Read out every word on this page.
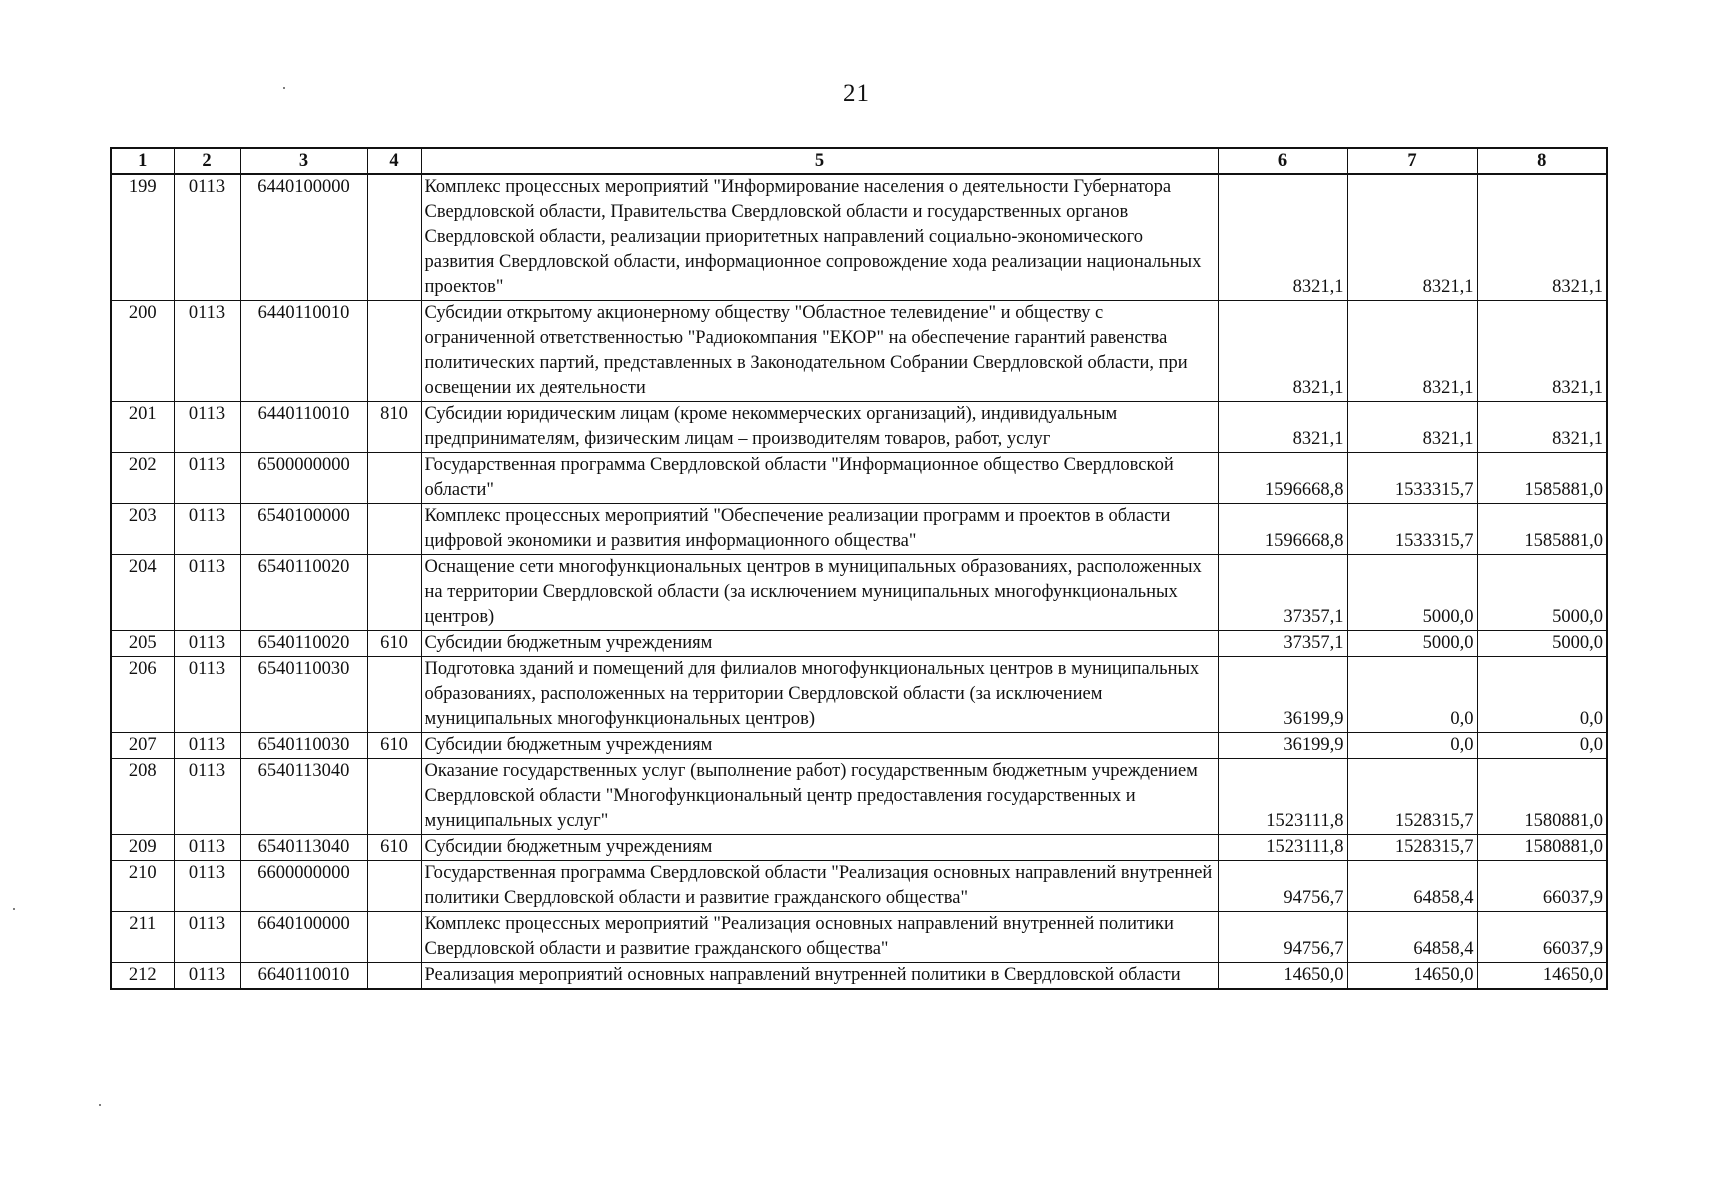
21
1	2	3	4	5	6	7	8
199	0113	6440100000		Комплекс процессных мероприятий "Информирование населения о деятельности Губернатора Свердловской области, Правительства Свердловской области и государственных органов Свердловской области, реализации приоритетных направлений социально-экономического развития Свердловской области, информационное сопровождение хода реализации национальных проектов"	8321,1	8321,1	8321,1
200	0113	6440110010		Субсидии открытому акционерному обществу "Областное телевидение" и обществу с ограниченной ответственностью "Радиокомпания "ЕКОР" на обеспечение гарантий равенства политических партий, представленных в Законодательном Собрании Свердловской области, при освещении их деятельности	8321,1	8321,1	8321,1
201	0113	6440110010	810	Субсидии юридическим лицам (кроме некоммерческих организаций), индивидуальным предпринимателям, физическим лицам – производителям товаров, работ, услуг	8321,1	8321,1	8321,1
202	0113	6500000000		Государственная программа Свердловской области "Информационное общество Свердловской области"	1596668,8	1533315,7	1585881,0
203	0113	6540100000		Комплекс процессных мероприятий "Обеспечение реализации программ и проектов в области цифровой экономики и развития информационного общества"	1596668,8	1533315,7	1585881,0
204	0113	6540110020		Оснащение сети многофункциональных центров в муниципальных образованиях, расположенных на территории Свердловской области (за исключением муниципальных многофункциональных центров)	37357,1	5000,0	5000,0
205	0113	6540110020	610	Субсидии бюджетным учреждениям	37357,1	5000,0	5000,0
206	0113	6540110030		Подготовка зданий и помещений для филиалов многофункциональных центров в муниципальных образованиях, расположенных на территории Свердловской области (за исключением муниципальных многофункциональных центров)	36199,9	0,0	0,0
207	0113	6540110030	610	Субсидии бюджетным учреждениям	36199,9	0,0	0,0
208	0113	6540113040		Оказание государственных услуг (выполнение работ) государственным бюджетным учреждением Свердловской области "Многофункциональный центр предоставления государственных и муниципальных услуг"	1523111,8	1528315,7	1580881,0
209	0113	6540113040	610	Субсидии бюджетным учреждениям	1523111,8	1528315,7	1580881,0
210	0113	6600000000		Государственная программа Свердловской области "Реализация основных направлений внутренней политики Свердловской области и развитие гражданского общества"	94756,7	64858,4	66037,9
211	0113	6640100000		Комплекс процессных мероприятий "Реализация основных направлений внутренней политики Свердловской области и развитие гражданского общества"	94756,7	64858,4	66037,9
212	0113	6640110010		Реализация мероприятий основных направлений внутренней политики в Свердловской области	14650,0	14650,0	14650,0
